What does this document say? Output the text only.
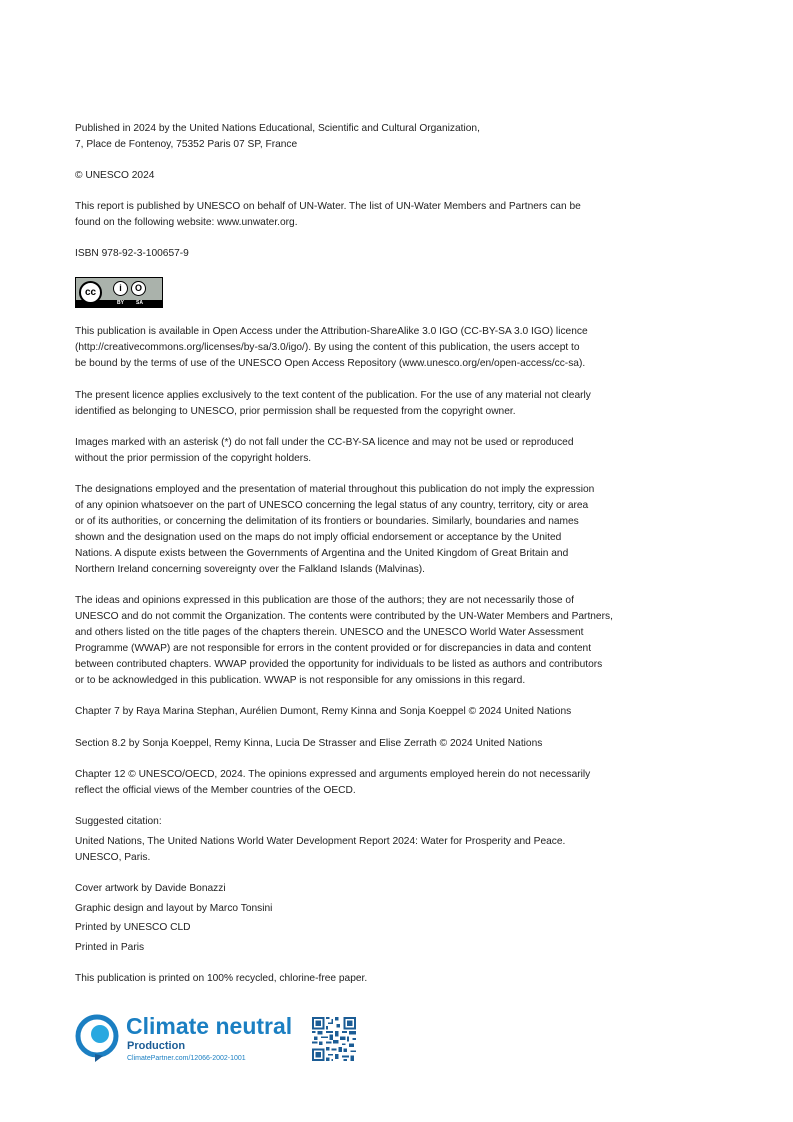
Published in 2024 by the United Nations Educational, Scientific and Cultural Organization,

7, Place de Fontenoy, 75352 Paris 07 SP, France

© UNESCO 2024

This report is published by UNESCO on behalf of UN-Water. The list of UN-Water Members and Partners can be
found on the following website: www.unwater.org.

ISBN 978-92-3-100657-9

cc	i	O
BY SA

This publication is available in Open Access under the Attribution-ShareAlike 3.0 IGO (CC-BY-SA 3.0 IGO) licence
(http://creativecommons.org/licenses/by-sa/3.0/igo/). By using the content of this publication, the users accept to
be bound by the terms of use of the UNESCO Open Access Repository (www.unesco.org/en/open-access/cc-sa).

The present licence applies exclusively to the text content of the publication. For the use of any material not clearly
identified as belonging to UNESCO, prior permission shall be requested from the copyright owner.

Images marked with an asterisk (*) do not fall under the CC-BY-SA licence and may not be used or reproduced
without the prior permission of the copyright holders.

The designations employed and the presentation of material throughout this publication do not imply the expression
of any opinion whatsoever on the part of UNESCO concerning the legal status of any country, territory, city or area
or of its authorities, or concerning the delimitation of its frontiers or boundaries. Similarly, boundaries and names
shown and the designation used on the maps do not imply official endorsement or acceptance by the United
Nations. A dispute exists between the Governments of Argentina and the United Kingdom of Great Britain and
Northern Ireland concerning sovereignty over the Falkland Islands (Malvinas).

The ideas and opinions expressed in this publication are those of the authors; they are not necessarily those of
UNESCO and do not commit the Organization. The contents were contributed by the UN-Water Members and Partners,
and others listed on the title pages of the chapters therein. UNESCO and the UNESCO World Water Assessment
Programme (WWAP) are not responsible for errors in the content provided or for discrepancies in data and content
between contributed chapters. WWAP provided the opportunity for individuals to be listed as authors and contributors
or to be acknowledged in this publication. WWAP is not responsible for any omissions in this regard.

Chapter 7 by Raya Marina Stephan, Aurélien Dumont, Remy Kinna and Sonja Koeppel © 2024 United Nations

Section 8.2 by Sonja Koeppel, Remy Kinna, Lucia De Strasser and Elise Zerrath © 2024 United Nations

Chapter 12 © UNESCO/OECD, 2024. The opinions expressed and arguments employed herein do not necessarily
reflect the official views of the Member countries of the OECD.

Suggested citation:

United Nations, The United Nations World Water Development Report 2024: Water for Prosperity and Peace.
UNESCO, Paris.

Cover artwork by Davide Bonazzi

Graphic design and layout by Marco Tonsini

Printed by UNESCO CLD

Printed in Paris

This publication is printed on 100% recycled, chlorine-free paper.

Climate neutral
Production
ClimatePartner.com/12066-2002-1001
